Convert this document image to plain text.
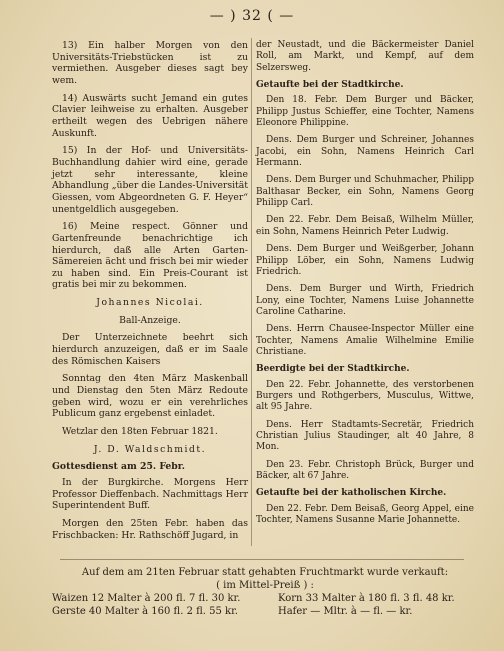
— ) 32 ( —

13) Ein halber Morgen von den Universitäts-Triebstücken ist zu vermiethen. Ausgeber dieses sagt bey wem.

14) Auswärts sucht Jemand ein gutes Clavier leihweise zu erhalten. Ausgeber ertheilt wegen des Uebrigen nähere Auskunft.

15) In der Hof- und Universitäts-Buchhandlung dahier wird eine, gerade jetzt sehr interessante, kleine Abhandlung „über die Landes-Universität Giessen, vom Abgeordneten G. F. Heyer“ unentgeldlich ausgegeben.

16) Meine respect. Gönner und Gartenfreunde benachrichtige ich hierdurch, daß alle Arten Garten-Sämereien ächt und frisch bei mir wieder zu haben sind. Ein Preis-Courant ist gratis bei mir zu bekommen.

Johannes Nicolai.

Ball-Anzeige.

Der Unterzeichnete beehrt sich hierdurch anzuzeigen, daß er im Saale des Römischen Kaisers

Sonntag den 4ten März Maskenball und Dienstag den 5ten März Redoute geben wird, wozu er ein verehrliches Publicum ganz ergebenst einladet.

Wetzlar den 18ten Februar 1821.

J. D. Waldschmidt.

Gottesdienst am 25. Febr.

In der Burgkirche. Morgens Herr Professor Dieffenbach. Nachmittags Herr Superintendent Buff.

Morgen den 25ten Febr. haben das Frischbacken: Hr. Rathschöff Jugard, in

der Neustadt, und die Bäckermeister Daniel Roll, am Markt, und Kempf, auf dem Selzersweg.

Getaufte bei der Stadtkirche.

Den 18. Febr. Dem Burger und Bäcker, Philipp Justus Schieffer, eine Tochter, Namens Eleonore Philippine.

Dens. Dem Burger und Schreiner, Johannes Jacobi, ein Sohn, Namens Heinrich Carl Hermann.

Dens. Dem Burger und Schuhmacher, Philipp Balthasar Becker, ein Sohn, Namens Georg Philipp Carl.

Den 22. Febr. Dem Beisaß, Wilhelm Müller, ein Sohn, Namens Heinrich Peter Ludwig.

Dens. Dem Burger und Weißgerber, Johann Philipp Löber, ein Sohn, Namens Ludwig Friedrich.

Dens. Dem Burger und Wirth, Friedrich Lony, eine Tochter, Namens Luise Johannette Caroline Catharine.

Dens. Herrn Chausee-Inspector Müller eine Tochter, Namens Amalie Wilhelmine Emilie Christiane.

Beerdigte bei der Stadtkirche.

Den 22. Febr. Johannette, des verstorbenen Burgers und Rothgerbers, Musculus, Wittwe, alt 95 Jahre.

Dens. Herr Stadtamts-Secretär, Friedrich Christian Julius Staudinger, alt 40 Jahre, 8 Mon.

Den 23. Febr. Christoph Brück, Burger und Bäcker, alt 67 Jahre.

Getaufte bei der katholischen Kirche.

Den 22. Febr. Dem Beisaß, Georg Appel, eine Tochter, Namens Susanne Marie Johannette.

Auf dem am 21ten Februar statt gehabten Fruchtmarkt wurde verkauft:
( im Mittel-Preiß ) :
Waizen 12 Malter à 200 fl. 7 fl. 30 kr.	Korn 33 Malter à 180 fl. 3 fl. 48 kr.
Gerste 40 Malter à 160 fl. 2 fl. 55 kr.	Hafer — Mltr. à — fl. — kr.
